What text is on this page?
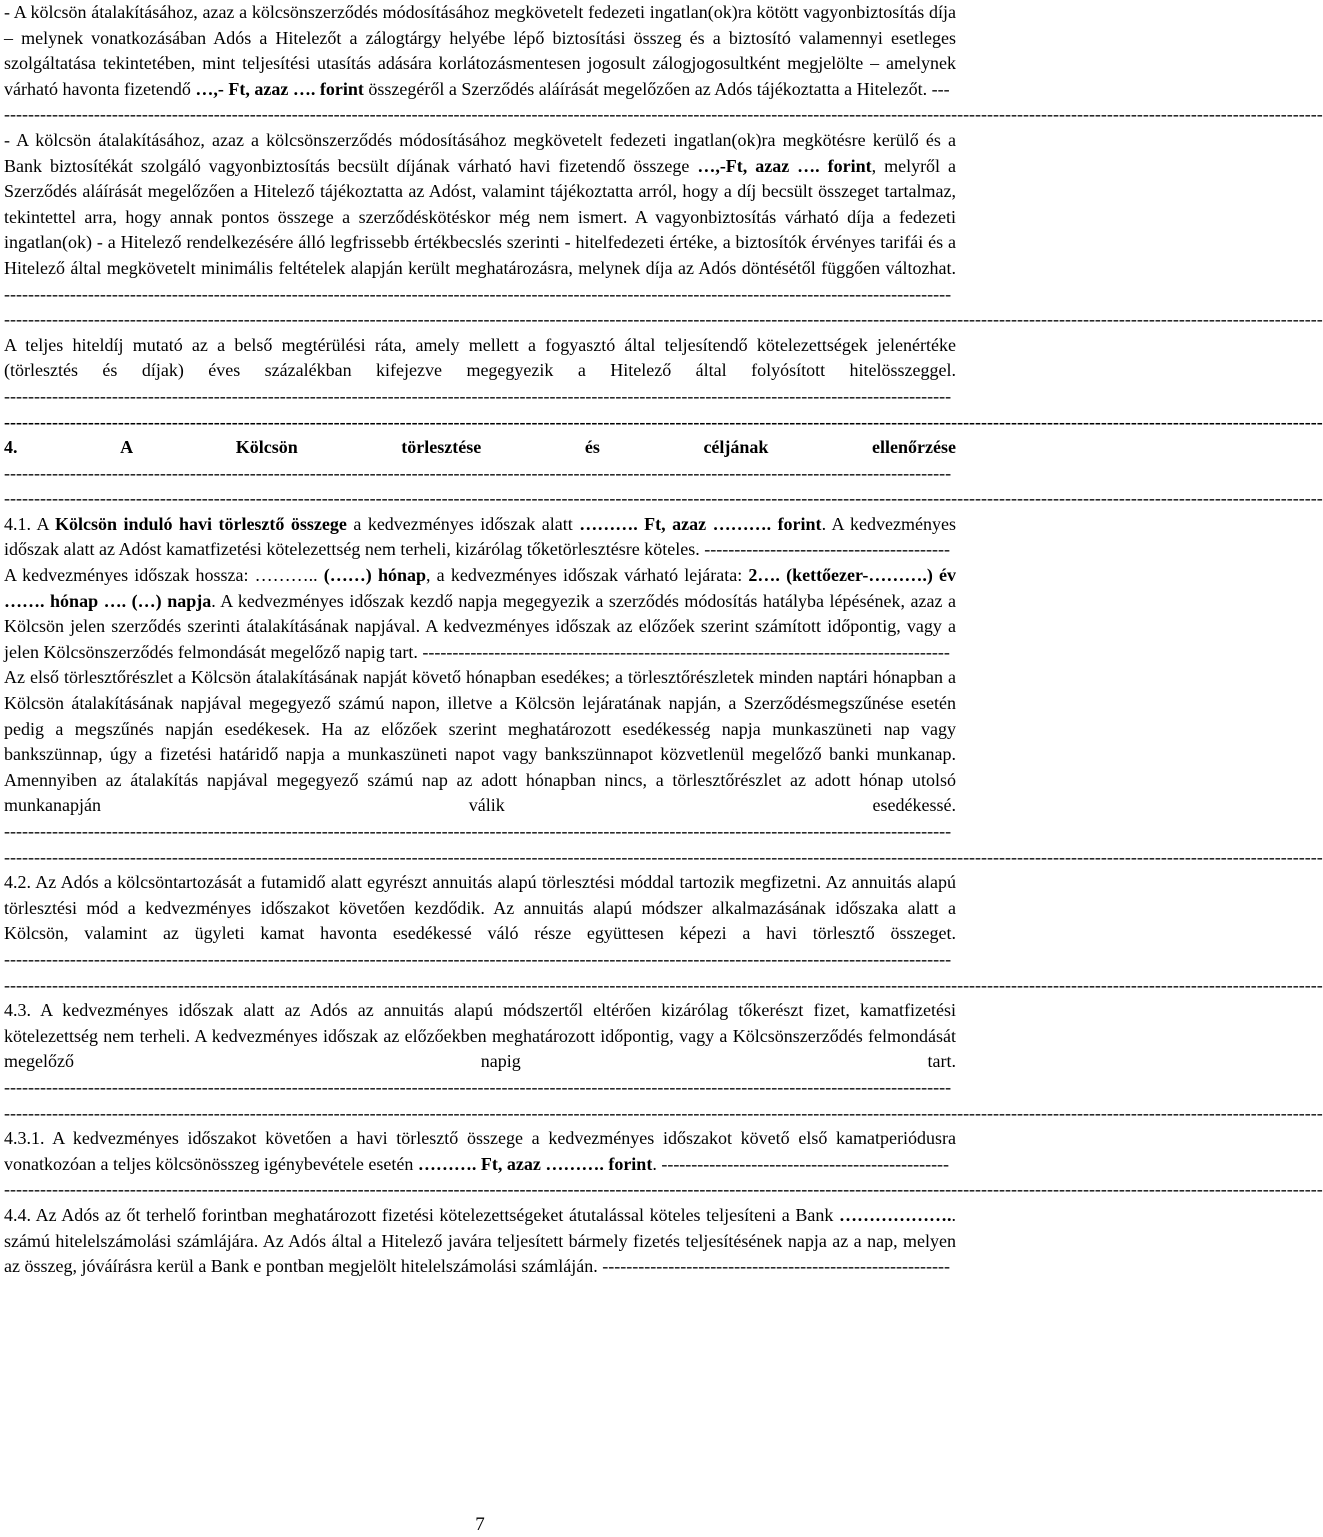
- A kölcsön átalakításához, azaz a kölcsönszerződés módosításához megkövetelt fedezeti ingatlan(ok)ra kötött vagyonbiztosítás díja – melynek vonatkozásában Adós a Hitelezőt a zálogtárgy helyébe lépő biztosítási összeg és a biztosító valamennyi esetleges szolgáltatása tekintetében, mint teljesítési utasítás adására korlátozásmentesen jogosult zálogjogosultként megjelölte – amelynek várható havonta fizetendő …,- Ft, azaz …. forint összegéről a Szerződés aláírását megelőzően az Adós tájékoztatta a Hitelezőt. ---

----------------------------------------------------------------------------------------------------------------------------------------------------------------------------------------------------------------------------

- A kölcsön átalakításához, azaz a kölcsönszerződés módosításához megkövetelt fedezeti ingatlan(ok)ra megkötésre kerülő és a Bank biztosítékát szolgáló vagyonbiztosítás becsült díjának várható havi fizetendő összege …,-Ft, azaz …. forint, melyről a Szerződés aláírását megelőzően a Hitelező tájékoztatta az Adóst, valamint tájékoztatta arról, hogy a díj becsült összeget tartalmaz, tekintettel arra, hogy annak pontos összege a szerződéskötéskor még nem ismert. A vagyonbiztosítás várható díja a fedezeti ingatlan(ok) - a Hitelező rendelkezésére álló legfrissebb értékbecslés szerinti - hitelfedezeti értéke, a biztosítók érvényes tarifái és a Hitelező által megkövetelt minimális feltételek alapján került meghatározásra, melynek díja az Adós döntésétől függően változhat. --------------------------------------------------------------------------------------------------------------------------------------------------------------

----------------------------------------------------------------------------------------------------------------------------------------------------------------------------------------------------------------------------

A teljes hiteldíj mutató az a belső megtérülési ráta, amely mellett a fogyasztó által teljesítendő kötelezettségek jelenértéke (törlesztés és díjak) éves százalékban kifejezve megegyezik a Hitelező által folyósított hitelösszeggel. --------------------------------------------------------------------------------------------------------------------------------------------------------------

----------------------------------------------------------------------------------------------------------------------------------------------------------------------------------------------------------------------------

4. A Kölcsön törlesztése és céljának ellenőrzése --------------------------------------------------------------------------------------------------------------------------------------------------------------

----------------------------------------------------------------------------------------------------------------------------------------------------------------------------------------------------------------------------

4.1. A Kölcsön induló havi törlesztő összege a kedvezményes időszak alatt ………. Ft, azaz ………. forint. A kedvezményes időszak alatt az Adóst kamatfizetési kötelezettség nem terheli, kizárólag tőketörlesztésre köteles. -----------------------------------------

A kedvezményes időszak hossza: ……….. (……) hónap, a kedvezményes időszak várható lejárata: 2…. (kettőezer-……….) év ……. hónap …. (…) napja. A kedvezményes időszak kezdő napja megegyezik a szerződés módosítás hatályba lépésének, azaz a Kölcsön jelen szerződés szerinti átalakításának napjával. A kedvezményes időszak az előzőek szerint számított időpontig, vagy a jelen Kölcsönszerződés felmondását megelőző napig tart. ----------------------------------------------------------------------------------------

Az első törlesztőrészlet a Kölcsön átalakításának napját követő hónapban esedékes; a törlesztőrészletek minden naptári hónapban a Kölcsön átalakításának napjával megegyező számú napon, illetve a Kölcsön lejáratának napján, a Szerződésmegszűnése esetén pedig a megszűnés napján esedékesek. Ha az előzőek szerint meghatározott esedékesség napja munkaszüneti nap vagy bankszünnap, úgy a fizetési határidő napja a munkaszüneti napot vagy bankszünnapot közvetlenül megelőző banki munkanap. Amennyiben az átalakítás napjával megegyező számú nap az adott hónapban nincs, a törlesztőrészlet az adott hónap utolsó munkanapján válik esedékessé. --------------------------------------------------------------------------------------------------------------------------------------------------------------

----------------------------------------------------------------------------------------------------------------------------------------------------------------------------------------------------------------------------

4.2. Az Adós a kölcsöntartozását a futamidő alatt egyrészt annuitás alapú törlesztési móddal tartozik megfizetni. Az annuitás alapú törlesztési mód a kedvezményes időszakot követően kezdődik. Az annuitás alapú módszer alkalmazásának időszaka alatt a Kölcsön, valamint az ügyleti kamat havonta esedékessé váló része együttesen képezi a havi törlesztő összeget. --------------------------------------------------------------------------------------------------------------------------------------------------------------

----------------------------------------------------------------------------------------------------------------------------------------------------------------------------------------------------------------------------

4.3. A kedvezményes időszak alatt az Adós az annuitás alapú módszertől eltérően kizárólag tőkerészt fizet, kamatfizetési kötelezettség nem terheli. A kedvezményes időszak az előzőekben meghatározott időpontig, vagy a Kölcsönszerződés felmondását megelőző napig tart. --------------------------------------------------------------------------------------------------------------------------------------------------------------

----------------------------------------------------------------------------------------------------------------------------------------------------------------------------------------------------------------------------

4.3.1. A kedvezményes időszakot követően a havi törlesztő összege a kedvezményes időszakot követő első kamatperiódusra vonatkozóan a teljes kölcsönösszeg igénybevétele esetén ………. Ft, azaz ………. forint. ------------------------------------------------

----------------------------------------------------------------------------------------------------------------------------------------------------------------------------------------------------------------------------

4.4. Az Adós az őt terhelő forintban meghatározott fizetési kötelezettségeket átutalással köteles teljesíteni a Bank ……………….. számú hitelelszámolási számlájára. Az Adós által a Hitelező javára teljesített bármely fizetés teljesítésének napja az a nap, melyen az összeg, jóváírásra kerül a Bank e pontban megjelölt hitelelszámolási számláján. ----------------------------------------------------------

7
